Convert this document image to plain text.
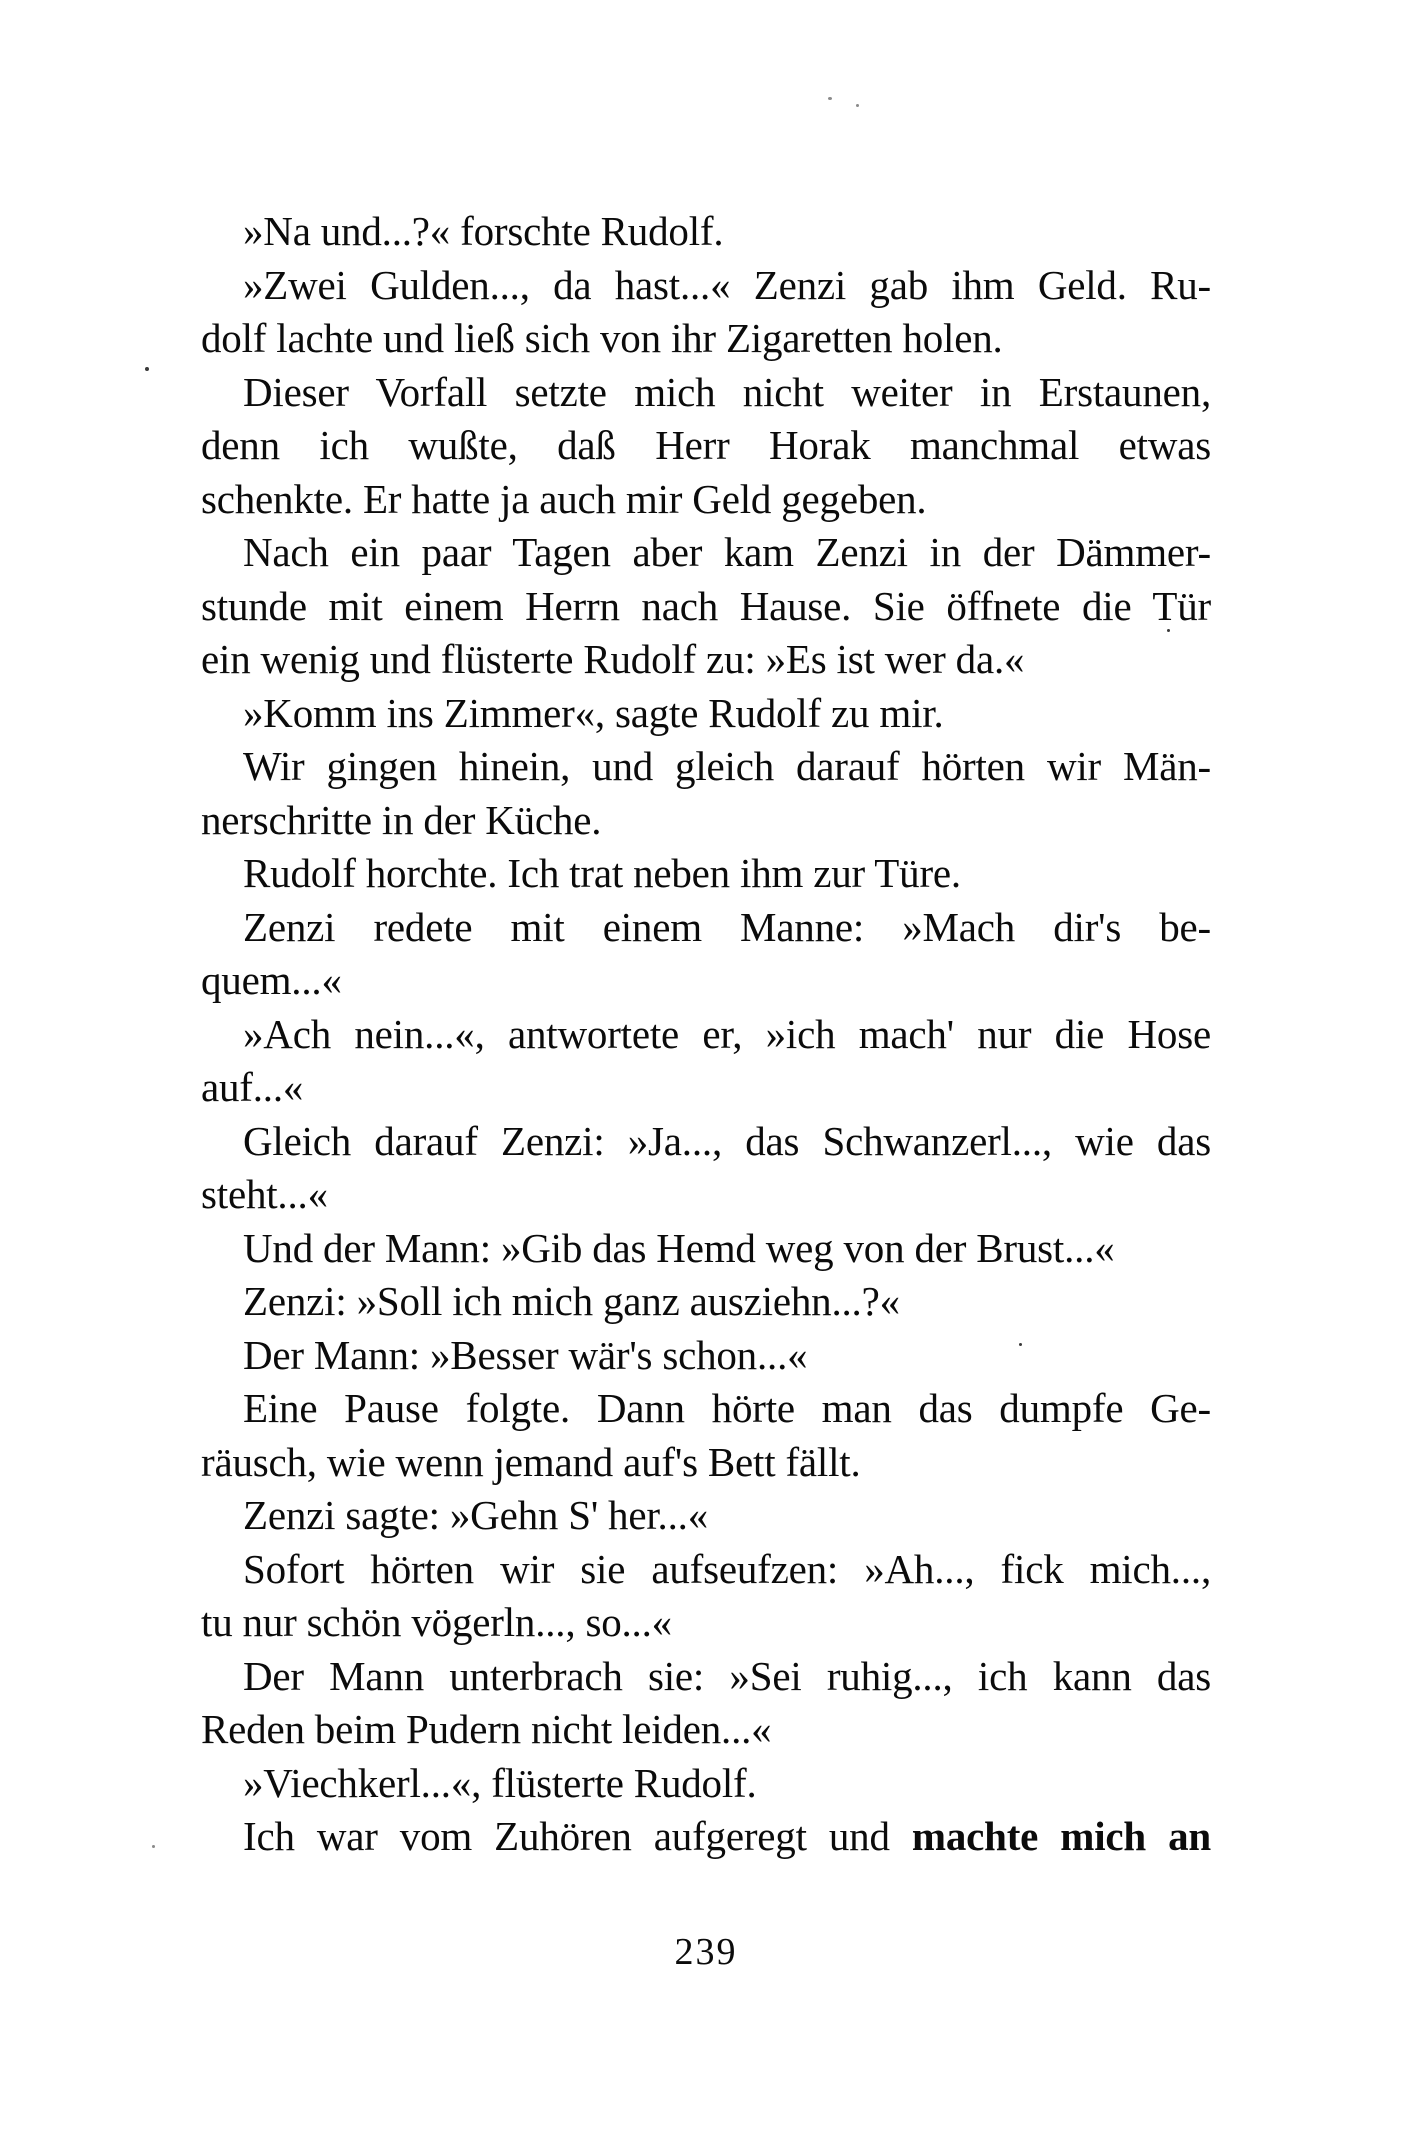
»Na und...?« forschte Rudolf.
»Zwei Gulden..., da hast...« Zenzi gab ihm Geld. Ru-
dolf lachte und ließ sich von ihr Zigaretten holen.
Dieser Vorfall setzte mich nicht weiter in Erstaunen,
denn ich wußte, daß Herr Horak manchmal etwas
schenkte. Er hatte ja auch mir Geld gegeben.
Nach ein paar Tagen aber kam Zenzi in der Dämmer-
stunde mit einem Herrn nach Hause. Sie öffnete die Tür
ein wenig und flüsterte Rudolf zu: »Es ist wer da.«
»Komm ins Zimmer«, sagte Rudolf zu mir.
Wir gingen hinein, und gleich darauf hörten wir Män-
nerschritte in der Küche.
Rudolf horchte. Ich trat neben ihm zur Türe.
Zenzi redete mit einem Manne: »Mach dir's be-
quem...«
»Ach nein...«, antwortete er, »ich mach' nur die Hose
auf...«
Gleich darauf Zenzi: »Ja..., das Schwanzerl..., wie das
steht...«
Und der Mann: »Gib das Hemd weg von der Brust...«
Zenzi: »Soll ich mich ganz ausziehn...?«
Der Mann: »Besser wär's schon...«
Eine Pause folgte. Dann hörte man das dumpfe Ge-
räusch, wie wenn jemand auf's Bett fällt.
Zenzi sagte: »Gehn S' her...«
Sofort hörten wir sie aufseufzen: »Ah..., fick mich...,
tu nur schön vögerln..., so...«
Der Mann unterbrach sie: »Sei ruhig..., ich kann das
Reden beim Pudern nicht leiden...«
»Viechkerl...«, flüsterte Rudolf.
Ich war vom Zuhören aufgeregt und machte mich an
239
